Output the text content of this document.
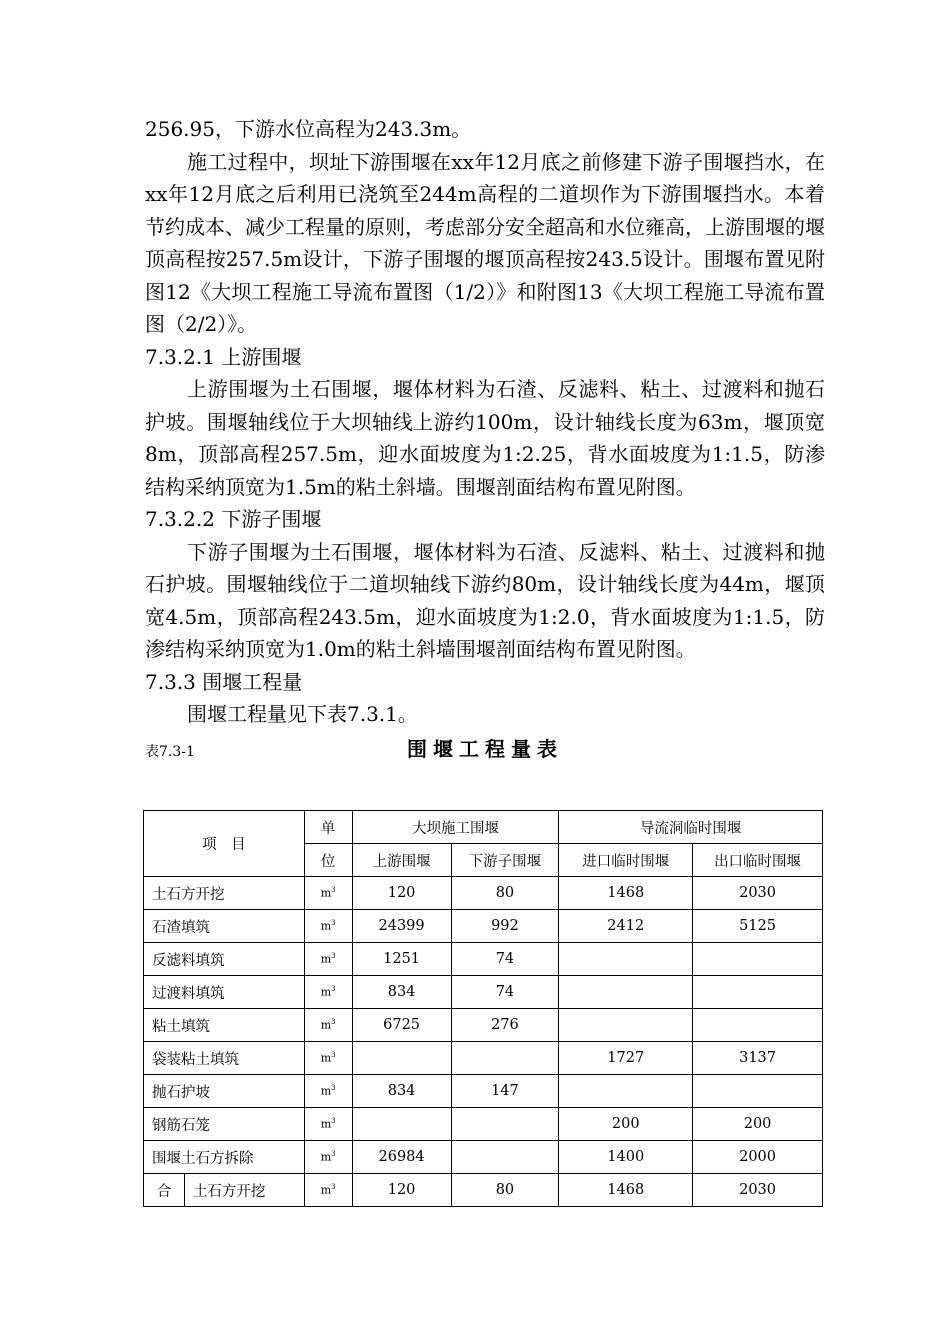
256.95，下游水位高程为243.3m。

施工过程中，坝址下游围堰在xx年12月底之前修建下游子围堰挡水，在xx年12月底之后利用已浇筑至244m高程的二道坝作为下游围堰挡水。本着节约成本、减少工程量的原则，考虑部分安全超高和水位雍高，上游围堰的堰顶高程按257.5m设计，下游子围堰的堰顶高程按243.5设计。围堰布置见附图12《大坝工程施工导流布置图（1/2）》和附图13《大坝工程施工导流布置图（2/2）》。

7.3.2.1 上游围堰

上游围堰为土石围堰，堰体材料为石渣、反滤料、粘土、过渡料和抛石护坡。围堰轴线位于大坝轴线上游约100m，设计轴线长度为63m，堰顶宽8m，顶部高程257.5m，迎水面坡度为1:2.25，背水面坡度为1:1.5，防渗结构采纳顶宽为1.5m的粘土斜墙。围堰剖面结构布置见附图。

7.3.2.2 下游子围堰

下游子围堰为土石围堰，堰体材料为石渣、反滤料、粘土、过渡料和抛石护坡。围堰轴线位于二道坝轴线下游约80m，设计轴线长度为44m，堰顶宽4.5m，顶部高程243.5m，迎水面坡度为1:2.0，背水面坡度为1:1.5，防渗结构采纳顶宽为1.0m的粘土斜墙围堰剖面结构布置见附图。

7.3.3 围堰工程量

围堰工程量见下表7.3.1。

表7.3-1	围堰工程量表
项　目		单	大坝施工围堰		导流洞临时围堰	
		位	上游围堰	下游子围堰	进口临时围堰	出口临时围堰
土石方开挖		$m^3$	120	80	1468	2030
石渣填筑		$m^3$	24399	992	2412	5125
反滤料填筑		$m^3$	1251	74		
过渡料填筑		$m^3$	834	74		
粘土填筑		$m^3$	6725	276		
袋装粘土填筑		$m^3$			1727	3137
抛石护坡		$m^3$	834	147		
钢筋石笼		$m^3$			200	200
围堰土石方拆除		$m^3$	26984		1400	2000
合	土石方开挖	$m^3$	120	80	1468	2030
